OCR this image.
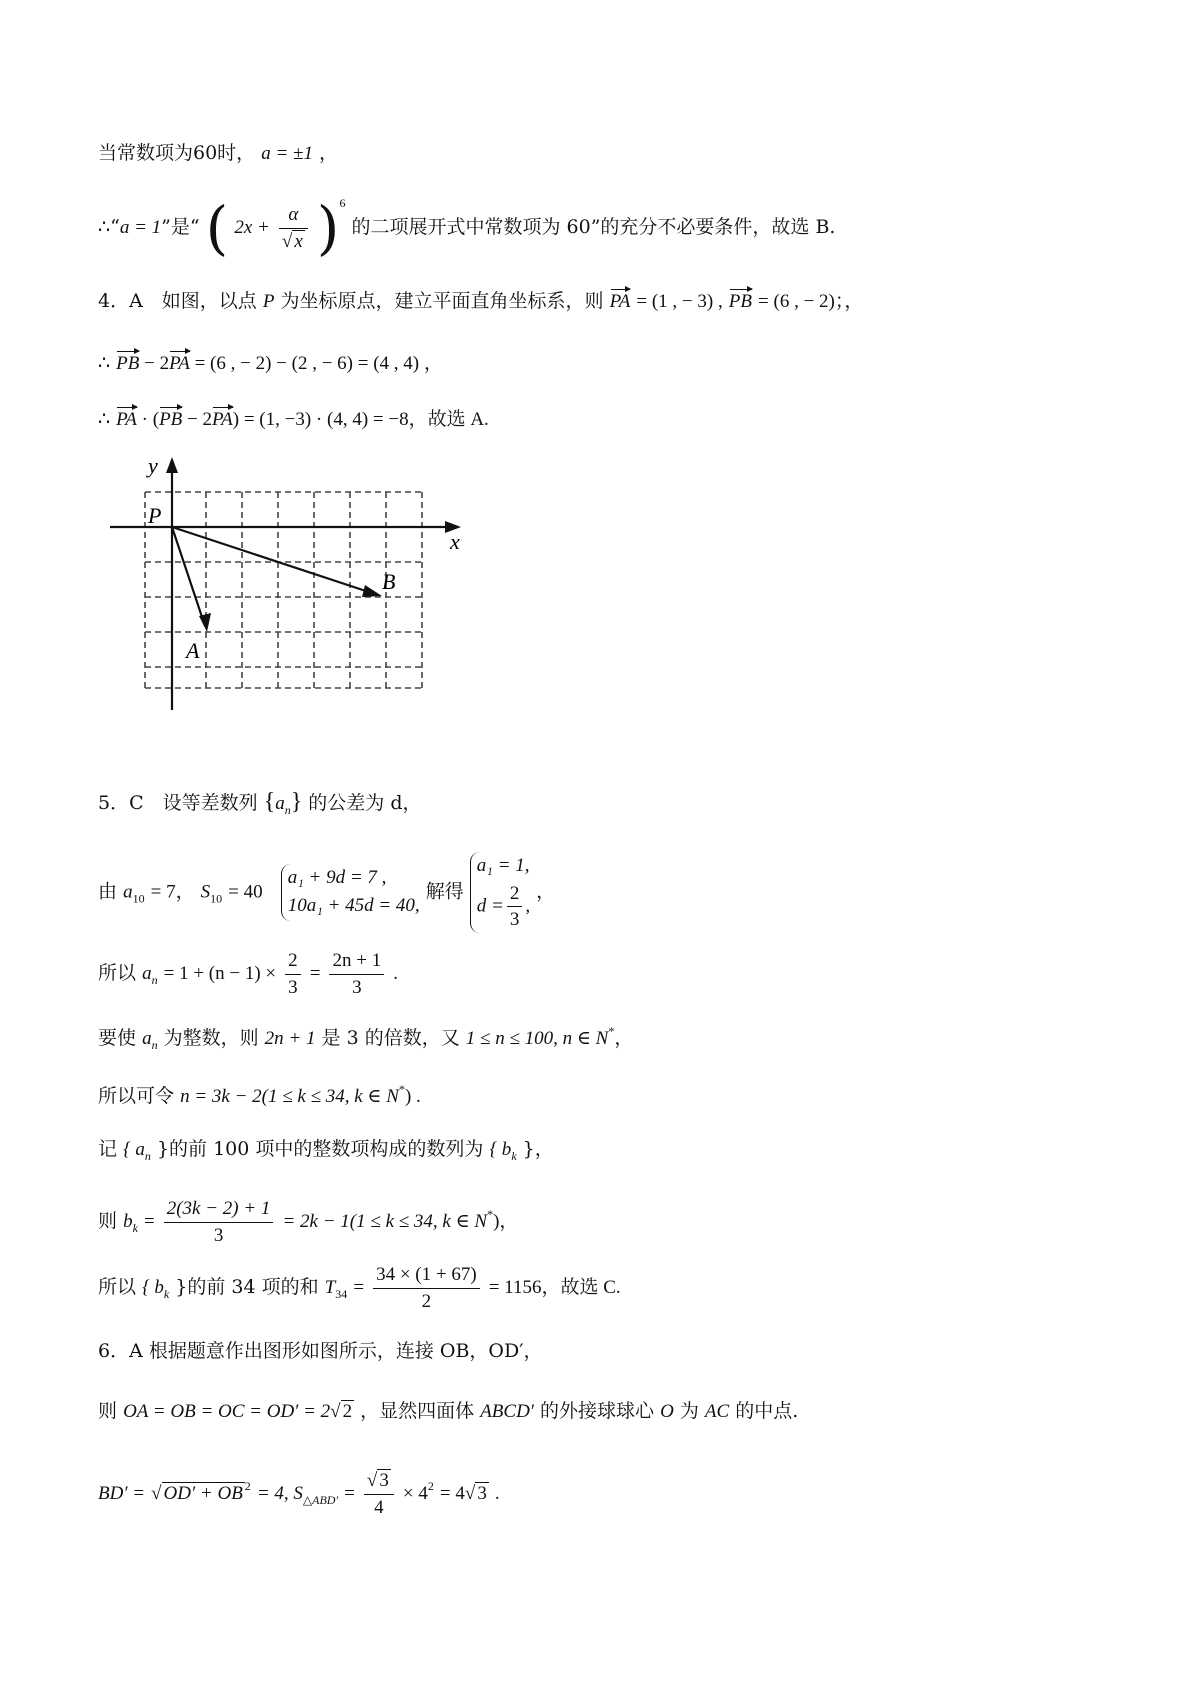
当常数项为60时， a = ±1 ，
∴“a = 1”是“ ( $2x + \frac{\alpha}{√ x} )^6$ 的二项展开式中常数项为 60”的充分不必要条件，故选 B.
4．A　如图，以点 P 为坐标原点，建立平面直角坐标系，则 PA = (1 , − 3) , PB = (6 , − 2)；，
∴ PB − 2PA = (6 , − 2) − (2 , − 6) = (4 , 4) ，
∴ PA · (PB − 2PA) = (1, −3) · (4, 4) = −8，故选 A.
y
x
P
A
B
5．C　设等差数列 $\{a_n\}$ 的公差为 d，
由 $a_{10} = 7$， $S_{10} = 40$
a₁ + 9d = 7 ,
10a₁ + 45d = 40,
解得
a₁ = 1,
$d = \frac{2}{3}$ ,
，
所以 $a_n = 1 + (n - 1) \times \frac{2}{3} = \frac{2n + 1}{3}$ .
要使 $a_n$ 为整数，则 2n + 1 是 3 的倍数，又 1 ≤ n ≤ 100, n ∈ N*，
所以可令 n = 3k − 2(1 ≤ k ≤ 34, k ∈ N*) .
记 { $a_n$ }的前 100 项中的整数项构成的数列为 { $b_k$ }，
则 $b_k = \frac{2(3k - 2) + 1}{3} = 2k - 1(1 \le k \le 34$, k ∈ N*)，
所以 { $b_k$ }的前 34 项的和 $T_{34} = \frac{34 \times (1 + 67)}{2} = 1156$，故选 C.
6．A 根据题意作出图形如图所示，连接 OB，OD′，
则 OA = OB = OC = OD′ = 2√ 2 ，显然四面体 ABCD′ 的外接球球心 O 为 AC 的中点.
BD′ = √ OD′ + OB $^2$ = 4, $S_{\triangle ABD'} = \frac{√ 3}{4} \times 4^2 = 4√$ 3 .
